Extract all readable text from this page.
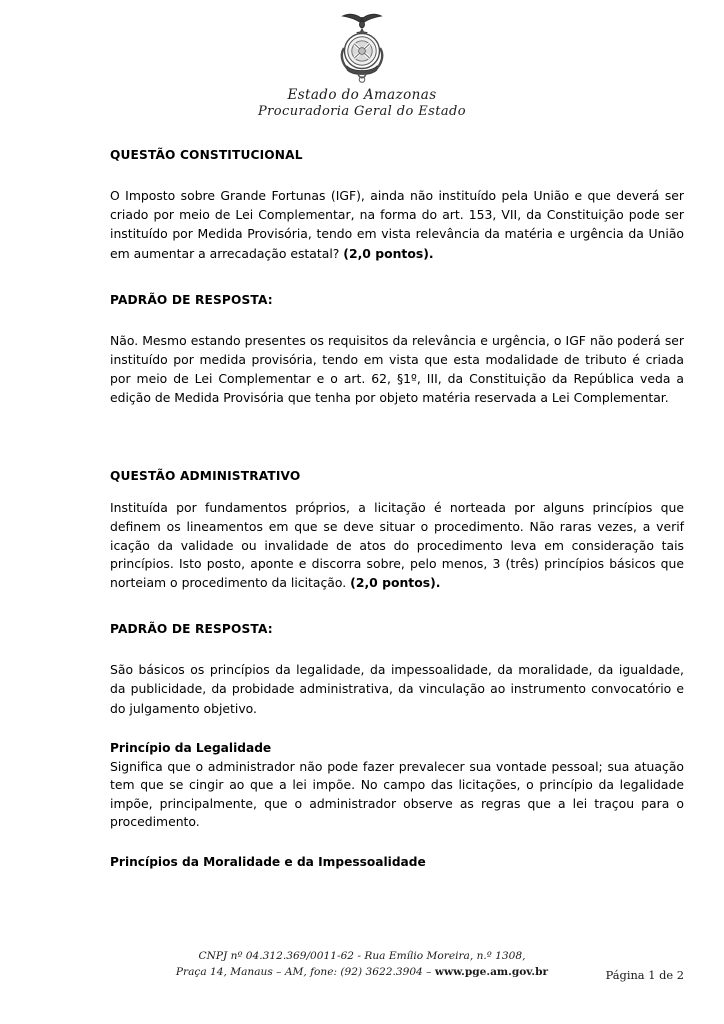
Estado do Amazonas
Procuradoria Geral do Estado
QUESTÃO CONSTITUCIONAL

O Imposto sobre Grande Fortunas (IGF), ainda não instituído pela União e que deverá ser criado por meio de Lei Complementar, na forma do art. 153, VII, da Constituição pode ser instituído por Medida Provisória, tendo em vista relevância da matéria e urgência da União em aumentar a arrecadação estatal? (2,0 pontos).

PADRÃO DE RESPOSTA:

Não. Mesmo estando presentes os requisitos da relevância e urgência, o IGF não poderá ser instituído por medida provisória, tendo em vista que esta modalidade de tributo é criada por meio de Lei Complementar e o art. 62, §1º, III, da Constituição da República veda a edição de Medida Provisória que tenha por objeto matéria reservada a Lei Complementar.

QUESTÃO ADMINISTRATIVO

Instituída por fundamentos próprios, a licitação é norteada por alguns princípios que definem os lineamentos em que se deve situar o procedimento. Não raras vezes, a verif icação da validade ou invalidade de atos do procedimento leva em consideração tais princípios. Isto posto, aponte e discorra sobre, pelo menos, 3 (três) princípios básicos que norteiam o procedimento da licitação. (2,0 pontos).

PADRÃO DE RESPOSTA:

São básicos os princípios da legalidade, da impessoalidade, da moralidade, da igualdade, da publicidade, da probidade administrativa, da vinculação ao instrumento convocatório e do julgamento objetivo.

Princípio da Legalidade

Significa que o administrador não pode fazer prevalecer sua vontade pessoal; sua atuação tem que se cingir ao que a lei impõe. No campo das licitações, o princípio da legalidade impõe, principalmente, que o administrador observe as regras que a lei traçou para o procedimento.

Princípios da Moralidade e da Impessoalidade
CNPJ nº 04.312.369/0011-62 - Rua Emílio Moreira, n.º 1308,
Praça 14, Manaus – AM, fone: (92) 3622.3904 – www.pge.am.gov.br	Página 1 de 2
